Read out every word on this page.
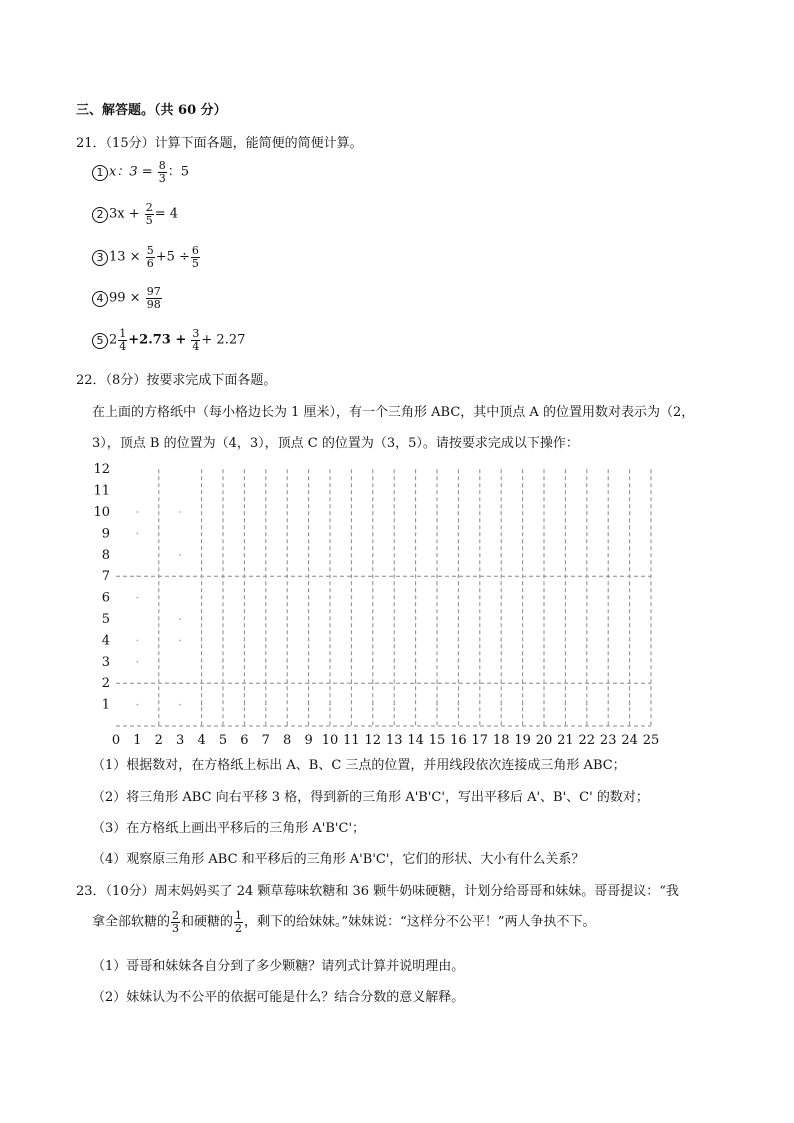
三、解答题。（共 60 分）
21．（15分）计算下面各题，能简便的简便计算。
1 x：$3 = \frac{8}{3}$ ：5
2 $3x + \frac{2}{5} = 4$
3 $13 \times \frac{5}{6} +5 \div \frac{6}{5}$
4 $99 \times \frac{97}{98}$
5 $2 \frac{1}{4} +2.73 + \frac{3}{4} + 2.27$
22．（8分）按要求完成下面各题。
在上面的方格纸中（每小格边长为 1 厘米），有一个三角形 ABC，其中顶点 A 的位置用数对表示为（2，
3），顶点 B 的位置为（4，3），顶点 C 的位置为（3，5）。请按要求完成以下操作：
0 1 2 3 4 5 6 7 8 9 10 11 12 13 14 15 16 17 18 19 20 21 22 23 24 25
1
2
3
4
5
6
7
8
9
10
11
12
（1）根据数对，在方格纸上标出 A、B、C 三点的位置，并用线段依次连接成三角形 ABC；
（2）将三角形 ABC 向右平移 3 格，得到新的三角形 A'B'C'，写出平移后 A'、B'、C' 的数对；
（3）在方格纸上画出平移后的三角形 A'B'C'；
（4）观察原三角形 ABC 和平移后的三角形 A'B'C'，它们的形状、大小有什么关系？
23．（10分）周末妈妈买了 24 颗草莓味软糖和 36 颗牛奶味硬糖，计划分给哥哥和妹妹。哥哥提议：“我
拿全部软糖的 $\frac{2}{3}$ 和硬糖的 $\frac{1}{2}$ ，剩下的给妹妹。”妹妹说：“这样分不公平！”两人争执不下。
（1）哥哥和妹妹各自分到了多少颗糖？请列式计算并说明理由。
（2）妹妹认为不公平的依据可能是什么？结合分数的意义解释。
